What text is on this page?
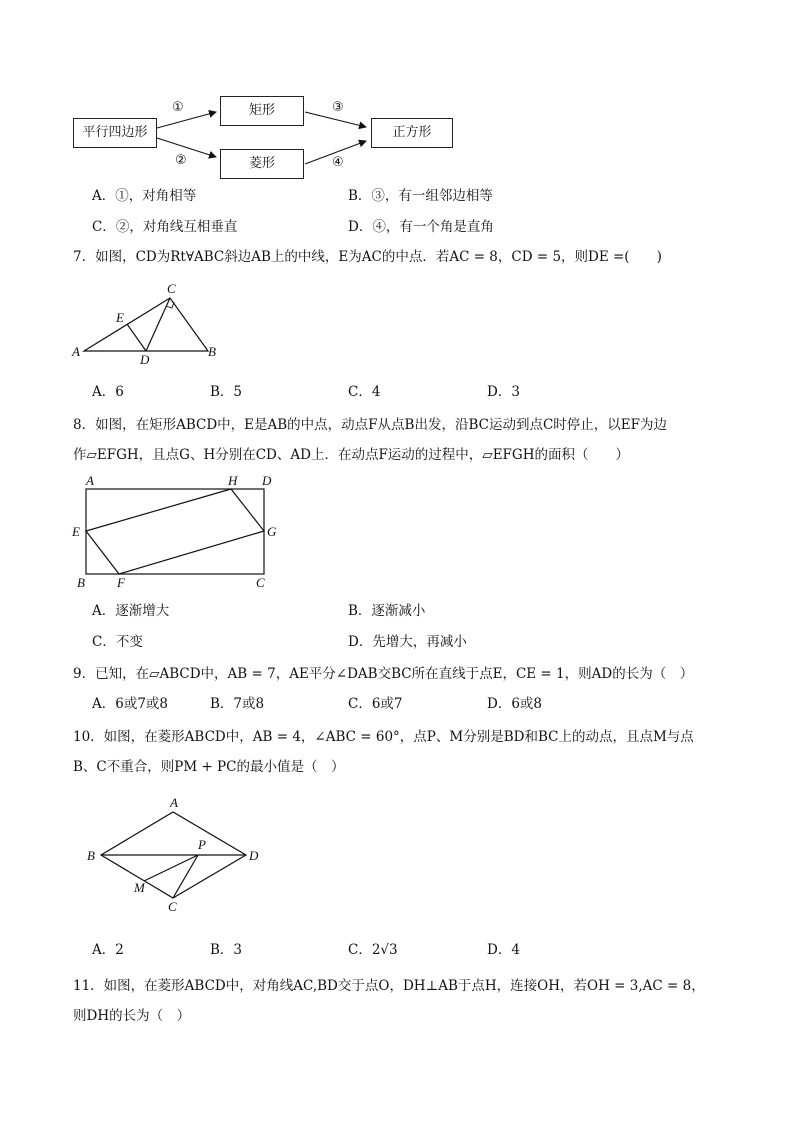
平行四边形
矩形
菱形
正方形
①
②
③
④
A．①，对角相等	B．③，有一组邻边相等
C．②，对角线互相垂直	D．④，有一个角是直角
7．如图，CD为Rt∀ABC斜边AB上的中线，E为AC的中点．若AC = 8，CD = 5，则DE =(　　)
C
E
A
D
B
A．6	B．5	C．4	D．3
8．如图，在矩形ABCD中，E是AB的中点，动点F从点B出发，沿BC运动到点C时停止，以EF为边
作▱EFGH，且点G、H分别在CD、AD上．在动点F运动的过程中，▱EFGH的面积（　　）
A	H D
E	G
B F	C
A．逐渐增大	B．逐渐减小
C．不变	D．先增大，再减小
9．已知，在▱ABCD中，AB = 7，AE平分∠DAB交BC所在直线于点E，CE = 1，则AD的长为（　）
A．6或7或8	B．7或8	C．6或7	D．6或8
10．如图，在菱形ABCD中，AB = 4，∠ABC = 60°，点P、M分别是BD和BC上的动点，且点M与点
B、C不重合，则PM + PC的最小值是（　）
A
B
P
D
M
C
A．2	B．3	C．2√3	D．4
11．如图，在菱形ABCD中，对角线AC,BD交于点O，DH⊥AB于点H，连接OH，若OH = 3,AC = 8，
则DH的长为（　）
